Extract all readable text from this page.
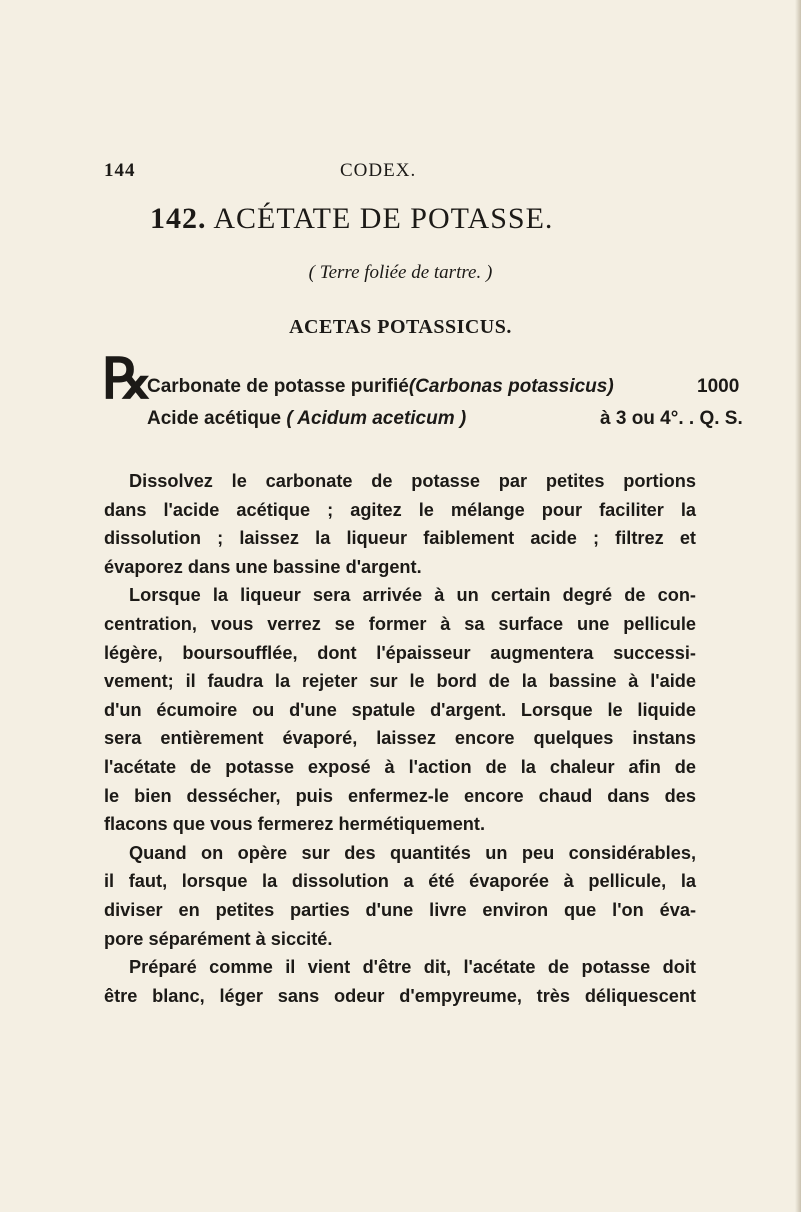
144	CODEX.
142. ACÉTATE DE POTASSE.
( Terre foliée de tartre. )
ACETAS POTASSICUS.
℞
Carbonate de potasse purifié(Carbonas potassicus)	1000
Acide acétique ( Acidum aceticum )	à 3 ou 4°. . Q. S.
Dissolvez le carbonate de potasse par petites portions
dans l'acide acétique ; agitez le mélange pour faciliter la
dissolution ; laissez la liqueur faiblement acide ; filtrez et
évaporez dans une bassine d'argent.
Lorsque la liqueur sera arrivée à un certain degré de con-
centration, vous verrez se former à sa surface une pellicule
légère, boursoufflée, dont l'épaisseur augmentera successi-
vement; il faudra la rejeter sur le bord de la bassine à l'aide
d'un écumoire ou d'une spatule d'argent. Lorsque le liquide
sera entièrement évaporé, laissez encore quelques instans
l'acétate de potasse exposé à l'action de la chaleur afin de
le bien dessécher, puis enfermez-le encore chaud dans des
flacons que vous fermerez hermétiquement.
Quand on opère sur des quantités un peu considérables,
il faut, lorsque la dissolution a été évaporée à pellicule, la
diviser en petites parties d'une livre environ que l'on éva-
pore séparément à siccité.
Préparé comme il vient d'être dit, l'acétate de potasse doit
être blanc, léger sans odeur d'empyreume, très déliquescent
